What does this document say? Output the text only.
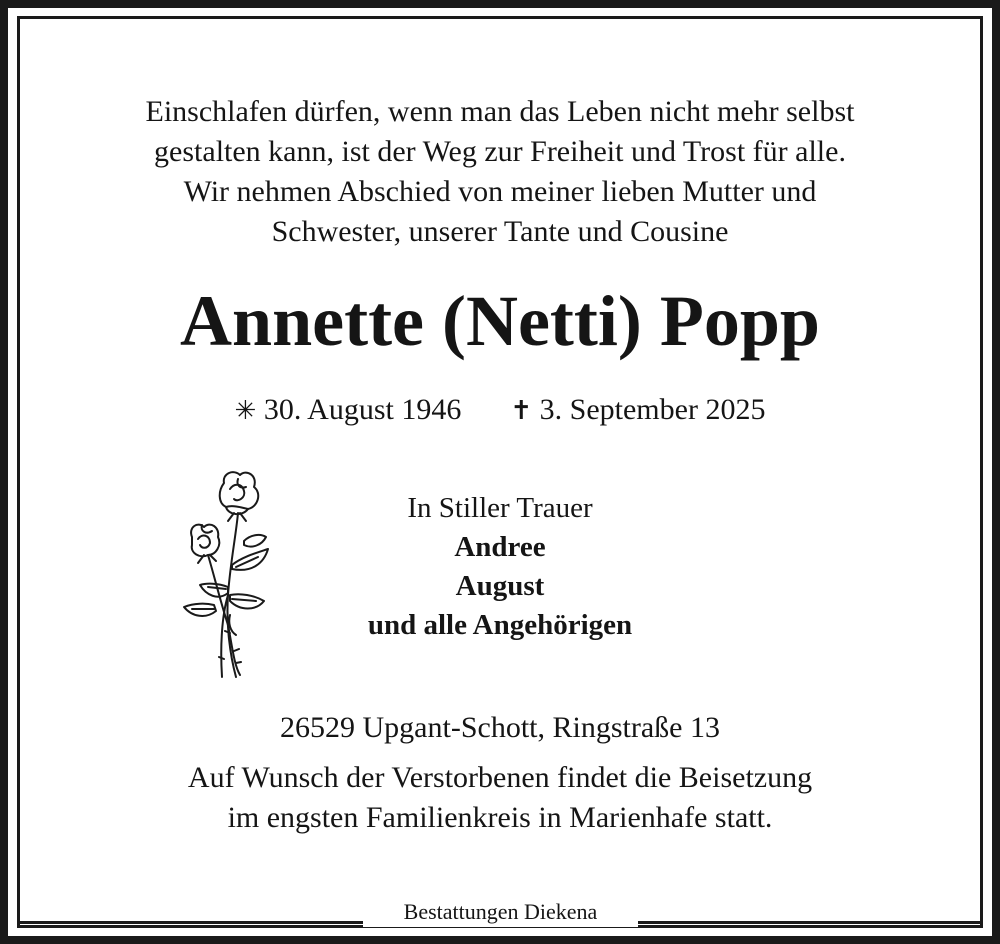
Einschlafen dürfen, wenn man das Leben nicht mehr selbst
gestalten kann, ist der Weg zur Freiheit und Trost für alle.
Wir nehmen Abschied von meiner lieben Mutter und
Schwester, unserer Tante und Cousine
Annette (Netti) Popp
✳ 30. August 1946 ✝ 3. September 2025
In Stiller Trauer
Andree
August
und alle Angehörigen
26529 Upgant-Schott, Ringstraße 13
Auf Wunsch der Verstorbenen findet die Beisetzung
im engsten Familienkreis in Marienhafe statt.
Bestattungen Diekena
